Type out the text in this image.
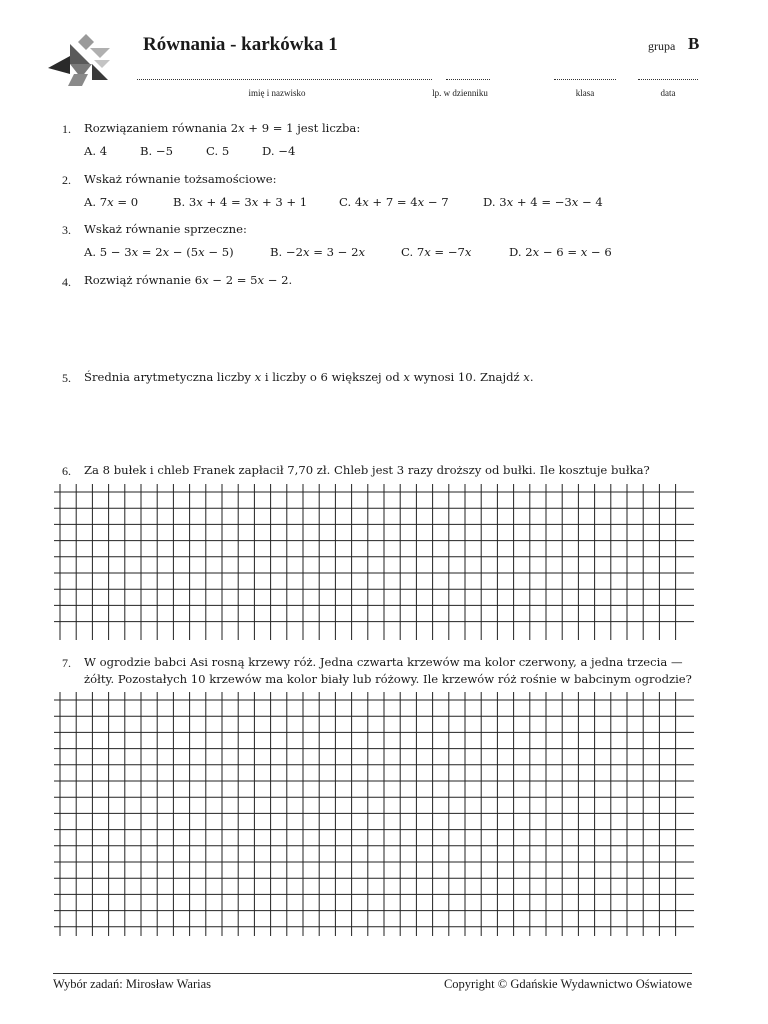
Równania - karkówka 1	grupa B
imię i nazwisko	lp. w dzienniku	klasa	data
1. Rozwiązaniem równania 2𝑥 + 9 = 1 jest liczba:
A. 4	B. −5	C. 5	D. −4
2. Wskaż równanie tożsamościowe:
A. 7𝑥 = 0	B. 3𝑥 + 4 = 3𝑥 + 3 + 1	C. 4𝑥 + 7 = 4𝑥 − 7	D. 3𝑥 + 4 = −3𝑥 − 4
3. Wskaż równanie sprzeczne:
A. 5 − 3𝑥 = 2𝑥 − (5𝑥 − 5)	B. −2𝑥 = 3 − 2𝑥	C. 7𝑥 = −7𝑥	D. 2𝑥 − 6 = 𝑥 − 6
4. Rozwiąż równanie 6𝑥 − 2 = 5𝑥 − 2.
5. Średnia arytmetyczna liczby 𝑥 i liczby o 6 większej od 𝑥 wynosi 10. Znajdź 𝑥.
6. Za 8 bułek i chleb Franek zapłacił 7,70 zł. Chleb jest 3 razy droższy od bułki. Ile kosztuje bułka?
7. W ogrodzie babci Asi rosną krzewy róż. Jedna czwarta krzewów ma kolor czerwony, a jedna trzecia —
żółty. Pozostałych 10 krzewów ma kolor biały lub różowy. Ile krzewów róż rośnie w babcinym ogrodzie?
Wybór zadań: Mirosław Warias	Copyright © Gdańskie Wydawnictwo Oświatowe
